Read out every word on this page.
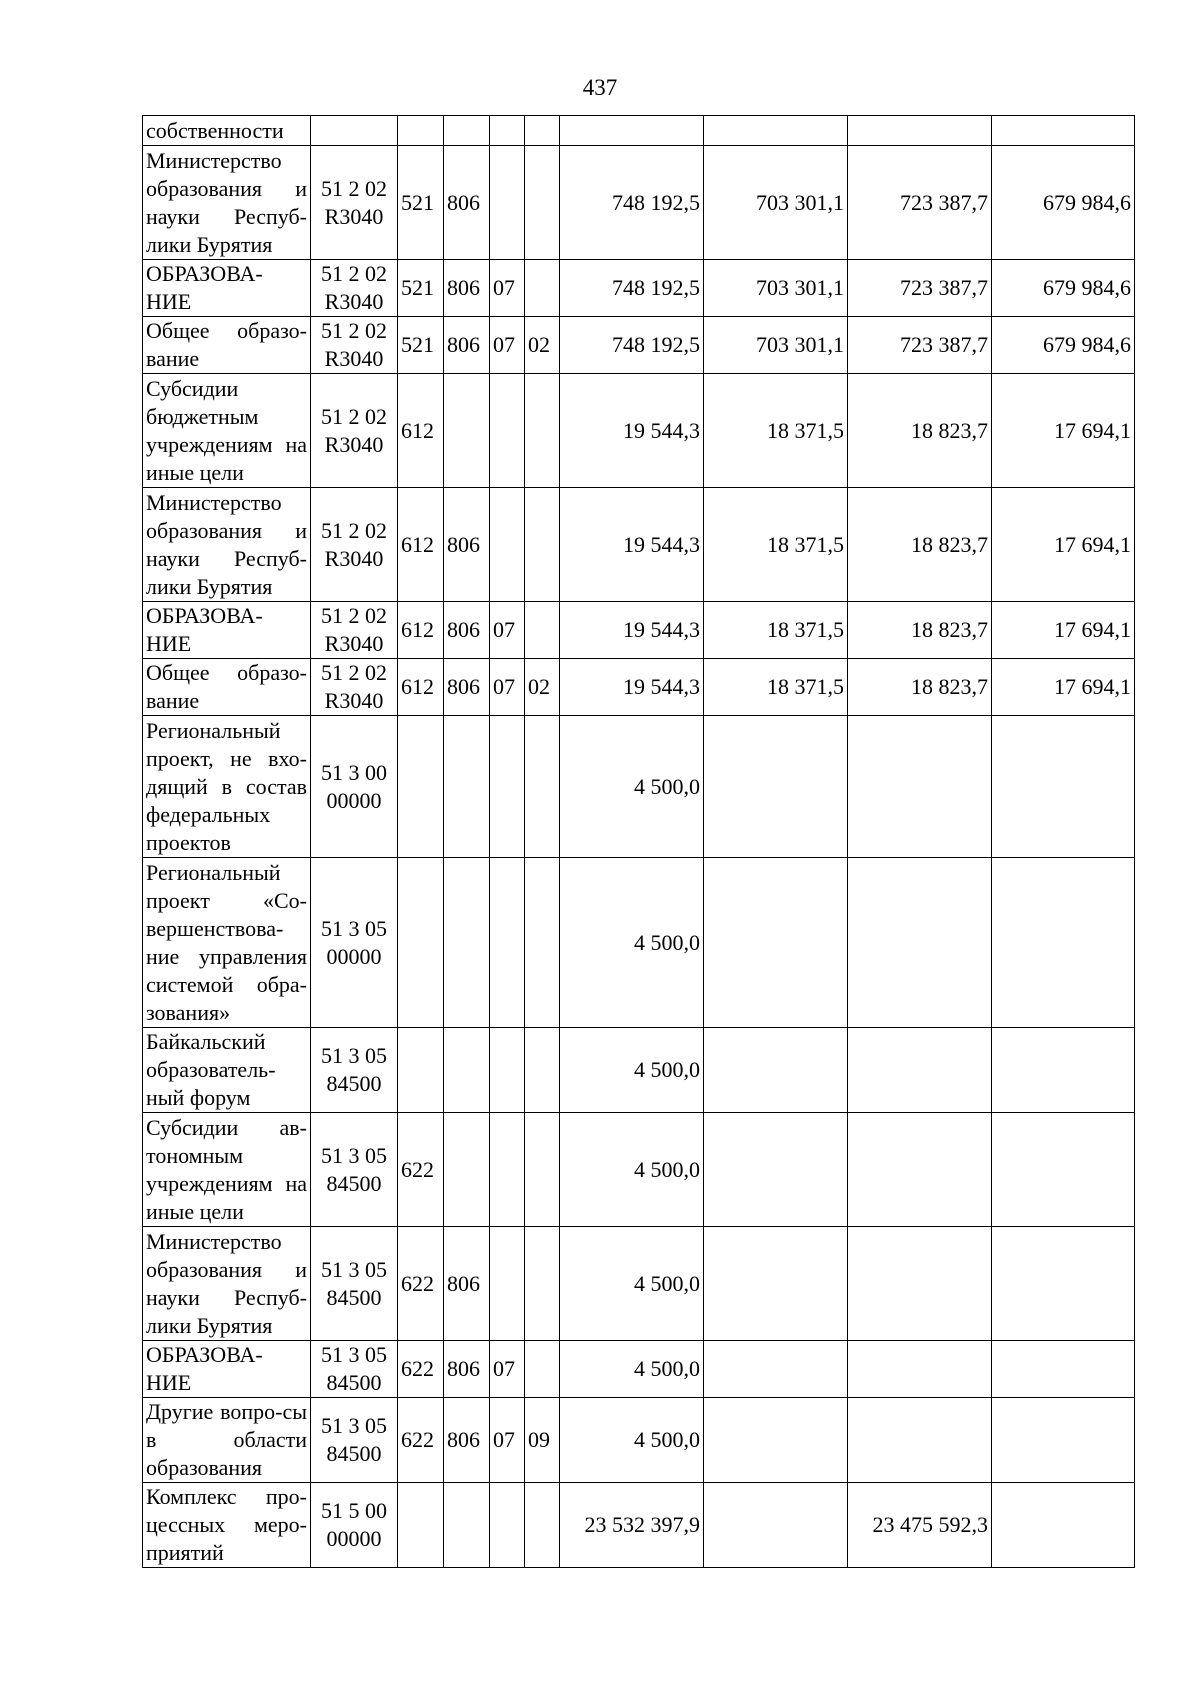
437
собственности									
Министерство образования и науки Респуб-лики Бурятия	51 2 02 R3040	521	806			748 192,5	703 301,1	723 387,7	679 984,6
ОБРАЗОВА-НИЕ	51 2 02 R3040	521	806	07		748 192,5	703 301,1	723 387,7	679 984,6
Общее образо-вание	51 2 02 R3040	521	806	07	02	748 192,5	703 301,1	723 387,7	679 984,6
Субсидии бюджетным учреждениям на иные цели	51 2 02 R3040	612				19 544,3	18 371,5	18 823,7	17 694,1
Министерство образования и науки Респуб-лики Бурятия	51 2 02 R3040	612	806			19 544,3	18 371,5	18 823,7	17 694,1
ОБРАЗОВА-НИЕ	51 2 02 R3040	612	806	07		19 544,3	18 371,5	18 823,7	17 694,1
Общее образо-вание	51 2 02 R3040	612	806	07	02	19 544,3	18 371,5	18 823,7	17 694,1
Региональный проект, не вхо-дящий в состав федеральных проектов	51 3 00 00000					4 500,0			
Региональный проект «Со-вершенствова-ние управления системой обра-зования»	51 3 05 00000					4 500,0			
Байкальский образователь-ный форум	51 3 05 84500					4 500,0			
Субсидии ав-тономным учреждениям на иные цели	51 3 05 84500	622				4 500,0			
Министерство образования и науки Респуб-лики Бурятия	51 3 05 84500	622	806			4 500,0			
ОБРАЗОВА-НИЕ	51 3 05 84500	622	806	07		4 500,0			
Другие вопро-сы в области образования	51 3 05 84500	622	806	07	09	4 500,0			
Комплекс про-цессных меро-приятий	51 5 00 00000					23 532 397,9		23 475 592,3	
